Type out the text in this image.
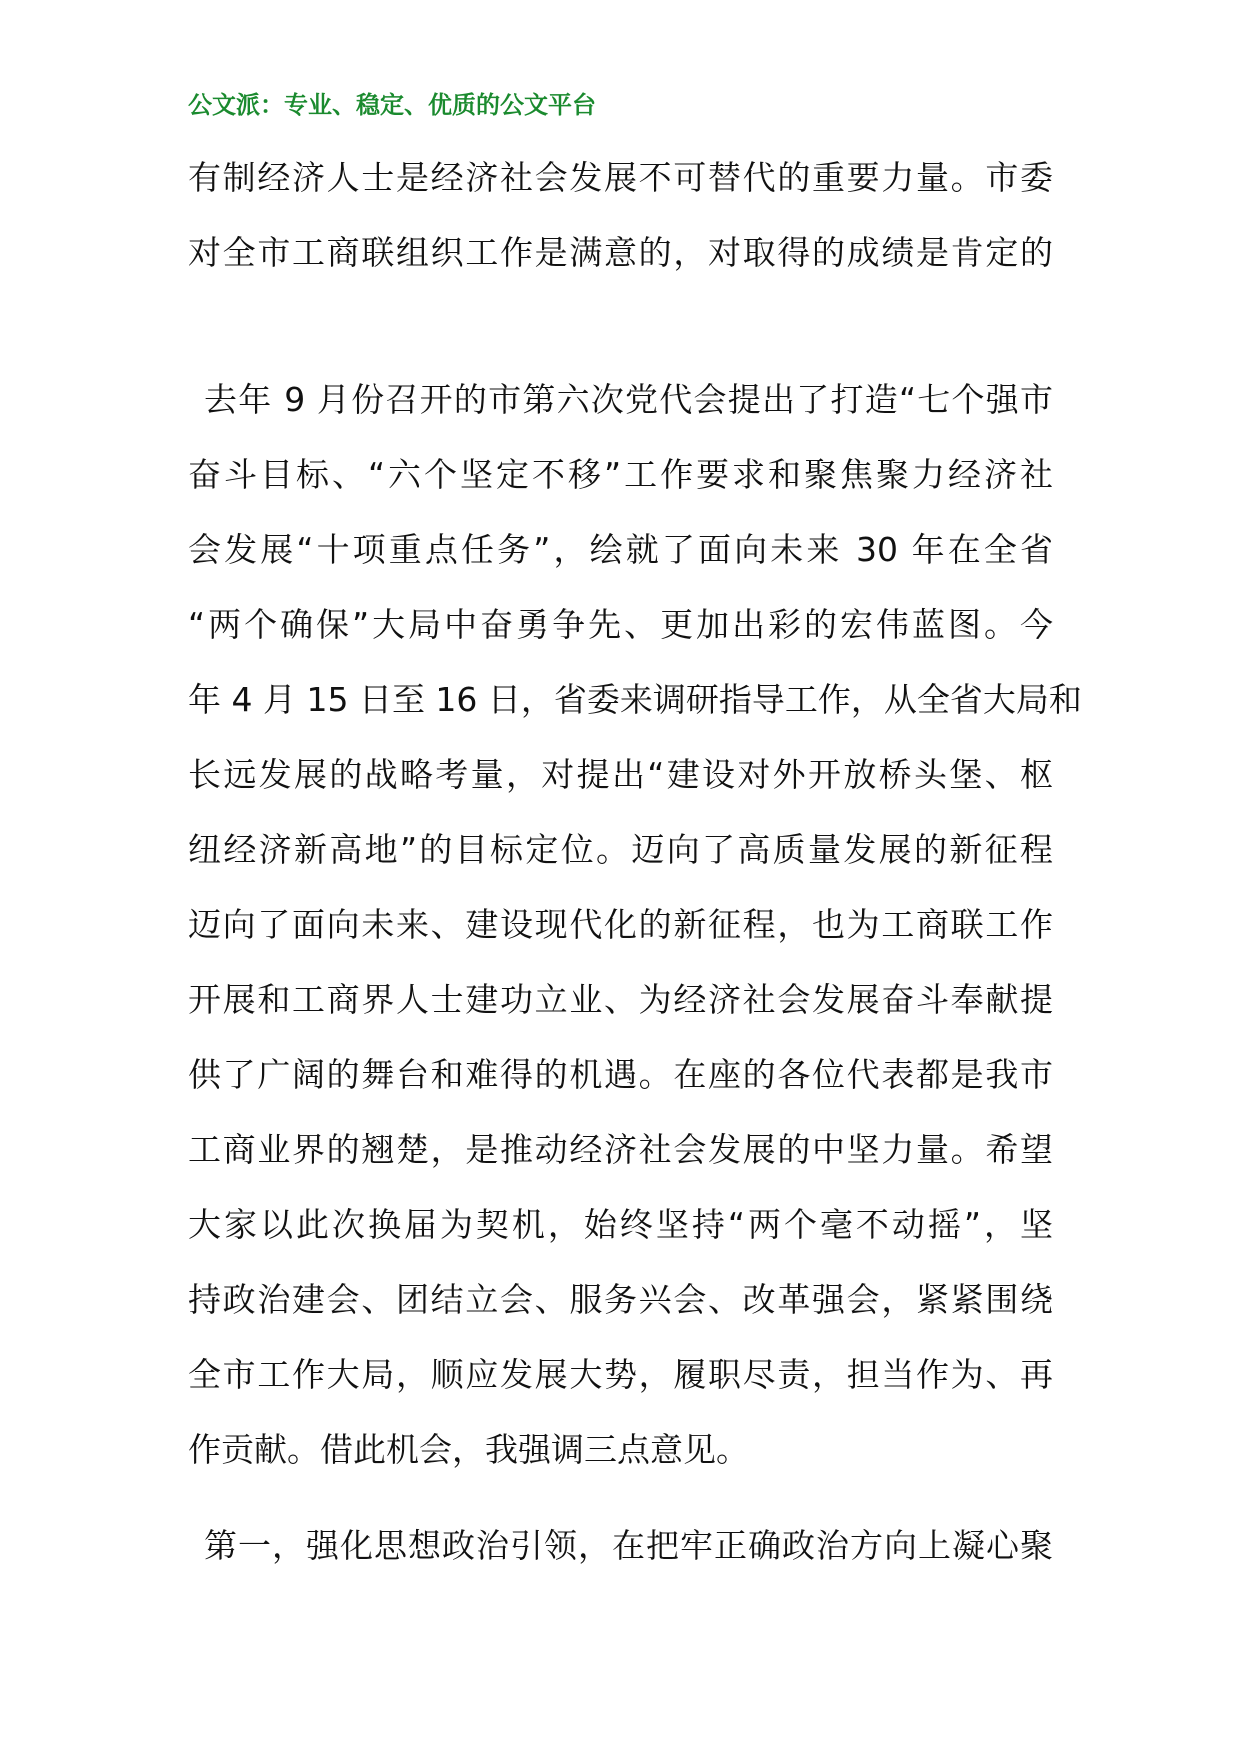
公文派：专业、稳定、优质的公文平台
有制经济人士是经济社会发展不可替代的重要力量。市委
对全市工商联组织工作是满意的，对取得的成绩是肯定的
去年 9 月份召开的市第六次党代会提出了打造“七个强市
奋斗目标、“六个坚定不移”工作要求和聚焦聚力经济社
会发展“十项重点任务”，绘就了面向未来 30 年在全省
“两个确保”大局中奋勇争先、更加出彩的宏伟蓝图。今
年 4 月 15 日至 16 日，省委来调研指导工作，从全省大局和
长远发展的战略考量，对提出“建设对外开放桥头堡、枢
纽经济新高地”的目标定位。迈向了高质量发展的新征程
迈向了面向未来、建设现代化的新征程，也为工商联工作
开展和工商界人士建功立业、为经济社会发展奋斗奉献提
供了广阔的舞台和难得的机遇。在座的各位代表都是我市
工商业界的翘楚，是推动经济社会发展的中坚力量。希望
大家以此次换届为契机，始终坚持“两个毫不动摇”，坚
持政治建会、团结立会、服务兴会、改革强会，紧紧围绕
全市工作大局，顺应发展大势，履职尽责，担当作为、再
作贡献。借此机会，我强调三点意见。
第一，强化思想政治引领，在把牢正确政治方向上凝心聚
